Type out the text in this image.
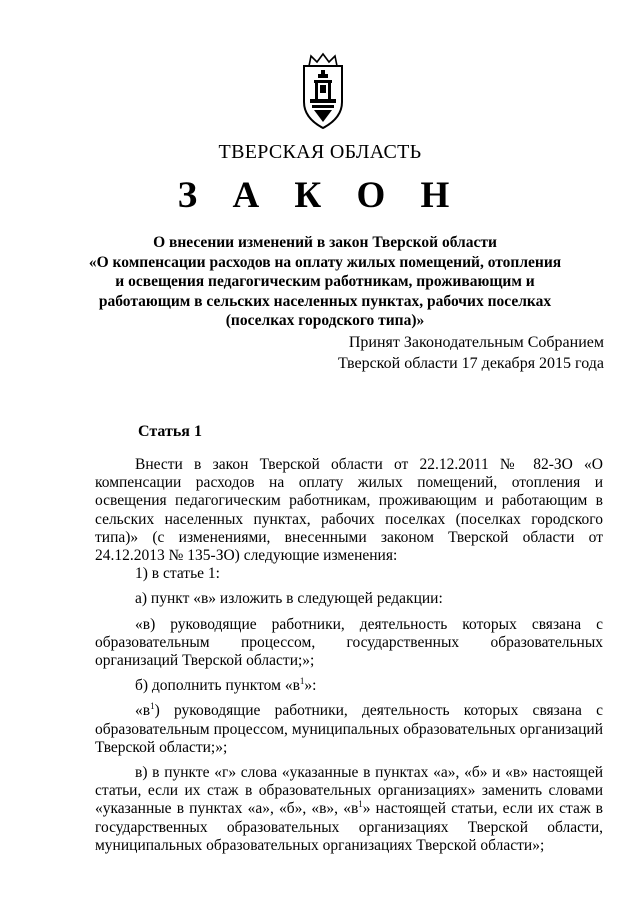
ТВЕРСКАЯ ОБЛАСТЬ
З А К О Н
О внесении изменений в закон Тверской области
«О компенсации расходов на оплату жилых помещений, отопления
и освещения педагогическим работникам, проживающим и
работающим в сельских населенных пунктах, рабочих поселках
(поселках городского типа)»
Принят Законодательным Собранием
Тверской области 17 декабря 2015 года
Статья 1

Внести в закон Тверской области от 22.12.2011 № 82-ЗО «О компенсации расходов на оплату жилых помещений, отопления и освещения педагогическим работникам, проживающим и работающим в сельских населенных пунктах, рабочих поселках (поселках городского типа)» (с изменениями, внесенными законом Тверской области от 24.12.2013 № 135-ЗО) следующие изменения:

1) в статье 1:

а) пункт «в» изложить в следующей редакции:

«в) руководящие работники, деятельность которых связана с образовательным процессом, государственных образовательных организаций Тверской области;»;

б) дополнить пунктом «$в^1$»:

«$в^1$) руководящие работники, деятельность которых связана с образовательным процессом, муниципальных образовательных организаций Тверской области;»;

в) в пункте «г» слова «указанные в пунктах «а», «б» и «в» настоящей статьи, если их стаж в образовательных организациях» заменить словами «указанные в пунктах «а», «б», «в», «$в^1$» настоящей статьи, если их стаж в государственных образовательных организациях Тверской области, муниципальных образовательных организациях Тверской области»;
